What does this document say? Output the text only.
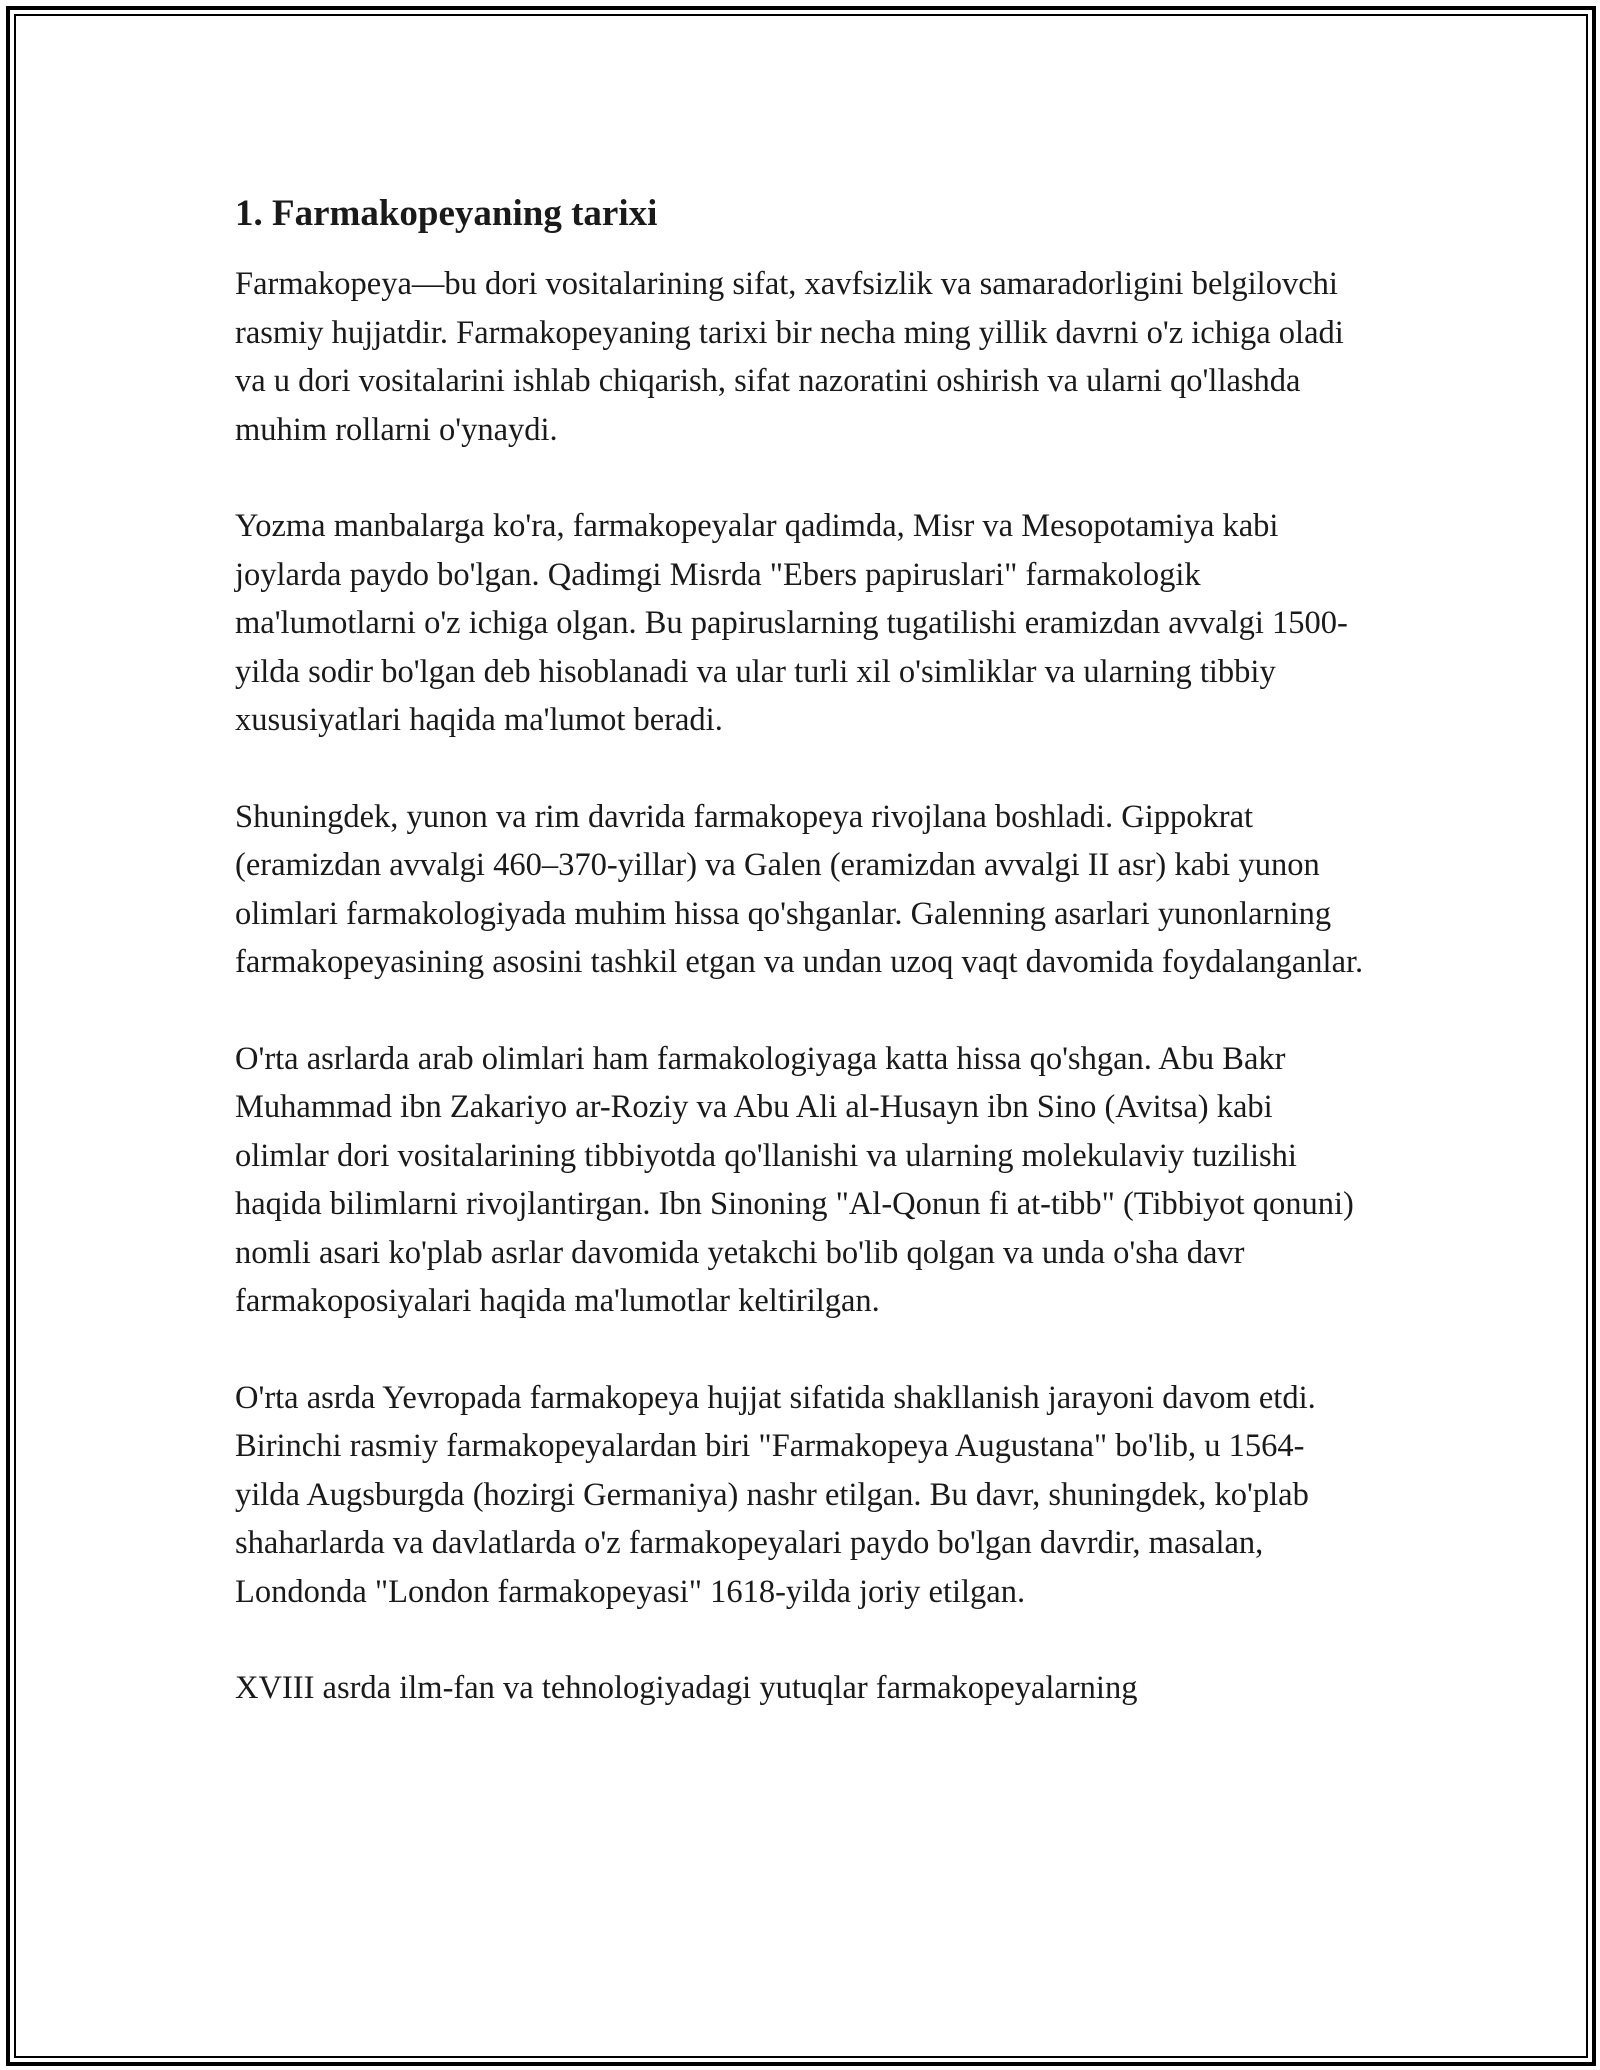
1. Farmakopeyaning tarixi

Farmakopeya—bu dori vositalarining sifat, xavfsizlik va samaradorligini belgilovchi rasmiy hujjatdir. Farmakopeyaning tarixi bir necha ming yillik davrni o'z ichiga oladi va u dori vositalarini ishlab chiqarish, sifat nazoratini oshirish va ularni qo'llashda muhim rollarni o'ynaydi.

Yozma manbalarga ko'ra, farmakopeyalar qadimda, Misr va Mesopotamiya kabi joylarda paydo bo'lgan. Qadimgi Misrda "Ebers papiruslari" farmakologik ma'lumotlarni o'z ichiga olgan. Bu papiruslarning tugatilishi eramizdan avvalgi 1500-yilda sodir bo'lgan deb hisoblanadi va ular turli xil o'simliklar va ularning tibbiy xususiyatlari haqida ma'lumot beradi.

Shuningdek, yunon va rim davrida farmakopeya rivojlana boshladi. Gippokrat (eramizdan avvalgi 460–370-yillar) va Galen (eramizdan avvalgi II asr) kabi yunon olimlari farmakologiyada muhim hissa qo'shganlar. Galenning asarlari yunonlarning farmakopeyasining asosini tashkil etgan va undan uzoq vaqt davomida foydalanganlar.

O'rta asrlarda arab olimlari ham farmakologiyaga katta hissa qo'shgan. Abu Bakr Muhammad ibn Zakariyo ar-Roziy va Abu Ali al-Husayn ibn Sino (Avitsa) kabi olimlar dori vositalarining tibbiyotda qo'llanishi va ularning molekulaviy tuzilishi haqida bilimlarni rivojlantirgan. Ibn Sinoning "Al-Qonun fi at-tibb" (Tibbiyot qonuni) nomli asari ko'plab asrlar davomida yetakchi bo'lib qolgan va unda o'sha davr farmakoposiyalari haqida ma'lumotlar keltirilgan.

O'rta asrda Yevropada farmakopeya hujjat sifatida shakllanish jarayoni davom etdi. Birinchi rasmiy farmakopeyalardan biri "Farmakopeya Augustana" bo'lib, u 1564-yilda Augsburgda (hozirgi Germaniya) nashr etilgan. Bu davr, shuningdek, ko'plab shaharlarda va davlatlarda o'z farmakopeyalari paydo bo'lgan davrdir, masalan, Londonda "London farmakopeyasi" 1618-yilda joriy etilgan.

XVIII asrda ilm-fan va tehnologiyadagi yutuqlar farmakopeyalarning
